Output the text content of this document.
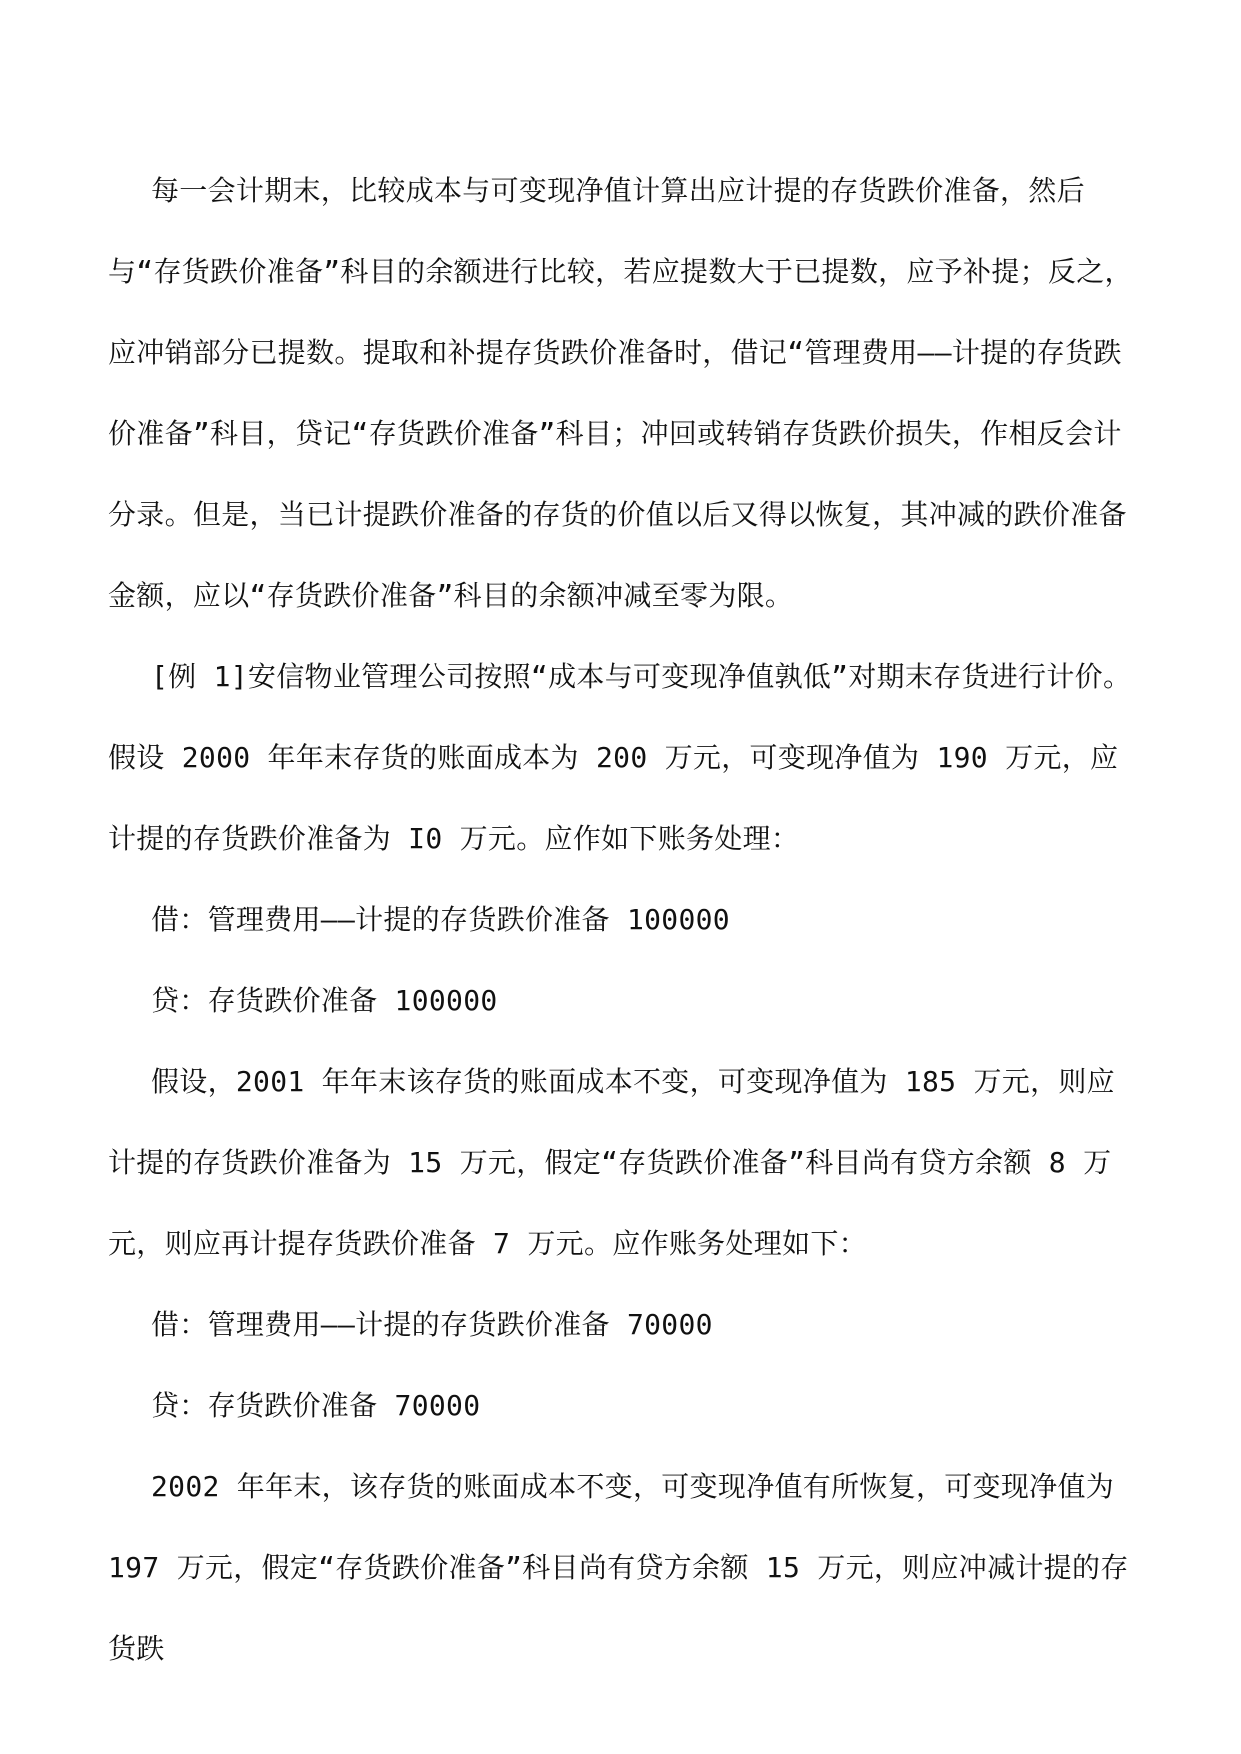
每一会计期末，比较成本与可变现净值计算出应计提的存货跌价准备，然后与“存货跌价准备”科目的余额进行比较，若应提数大于已提数，应予补提；反之，应冲销部分已提数。提取和补提存货跌价准备时，借记“管理费用——计提的存货跌价准备”科目，贷记“存货跌价准备”科目；冲回或转销存货跌价损失，作相反会计分录。但是，当已计提跌价准备的存货的价值以后又得以恢复，其冲减的跌价准备金额，应以“存货跌价准备”科目的余额冲减至零为限。

[例 1]安信物业管理公司按照“成本与可变现净值孰低”对期末存货进行计价。假设 2000 年年末存货的账面成本为 200 万元，可变现净值为 190 万元，应计提的存货跌价准备为 I0 万元。应作如下账务处理：

借：管理费用——计提的存货跌价准备 100000

贷：存货跌价准备 100000

假设，2001 年年末该存货的账面成本不变，可变现净值为 185 万元，则应计提的存货跌价准备为 15 万元，假定“存货跌价准备”科目尚有贷方余额 8 万元，则应再计提存货跌价准备 7 万元。应作账务处理如下：

借：管理费用——计提的存货跌价准备 70000

贷：存货跌价准备 70000

2002 年年末，该存货的账面成本不变，可变现净值有所恢复，可变现净值为 197 万元，假定“存货跌价准备”科目尚有贷方余额 15 万元，则应冲减计提的存货跌
